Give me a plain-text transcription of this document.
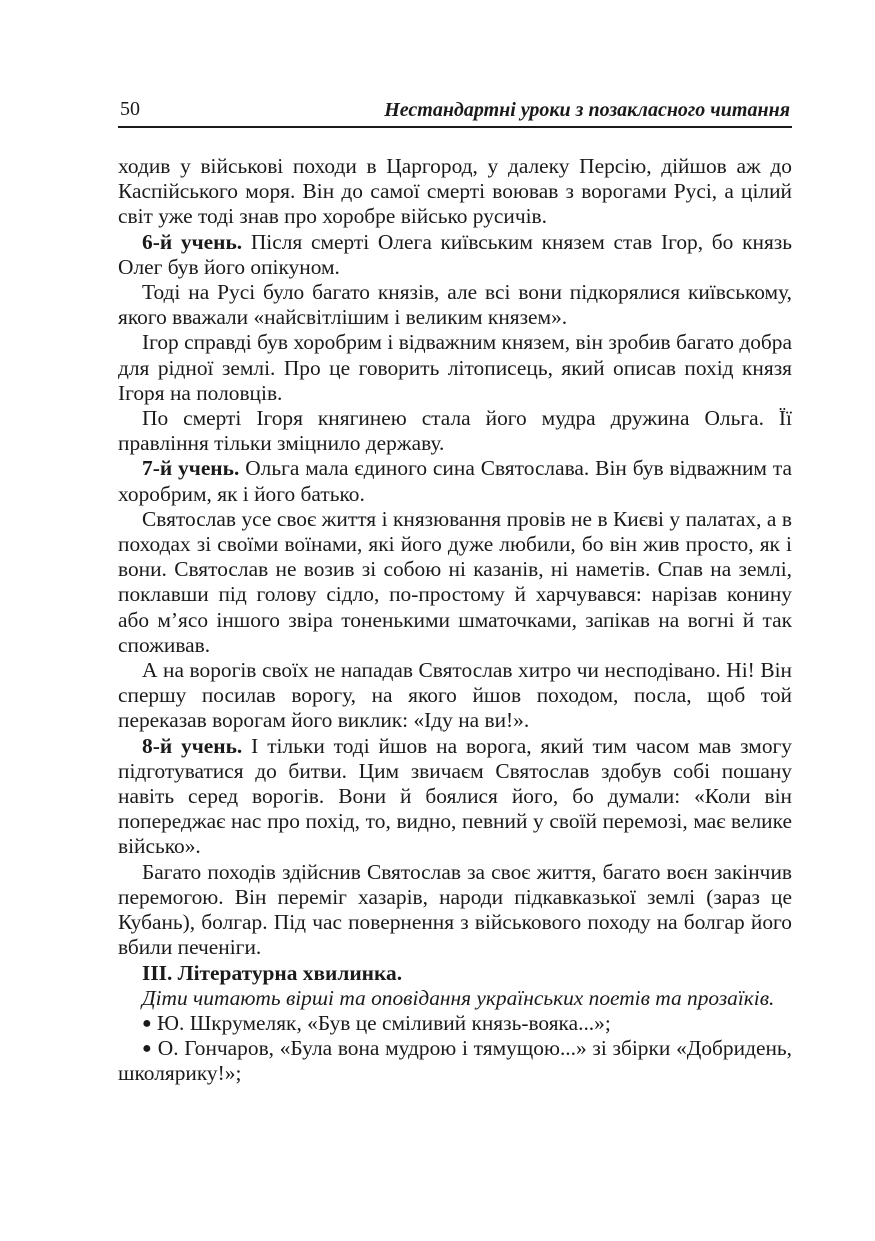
50	Нестандартні уроки з позакласного читання

ходив у військові походи в Царгород, у далеку Персію, дійшов аж до Каспійського моря. Він до самої смерті воював з ворогами Русі, а цілий світ уже тоді знав про хоробре військо русичів.

6-й учень. Після смерті Олега київським князем став Ігор, бо князь Олег був його опікуном.

Тоді на Русі було багато князів, але всі вони підкорялися київському, якого вважали «найсвітлішим і великим князем».

Ігор справді був хоробрим і відважним князем, він зробив багато добра для рідної землі. Про це говорить літописець, який описав похід князя Ігоря на половців.

По смерті Ігоря княгинею стала його мудра дружина Ольга. Її правління тільки зміцнило державу.

7-й учень. Ольга мала єдиного сина Святослава. Він був відважним та хоробрим, як і його батько.

Святослав усе своє життя і князювання провів не в Києві у палатах, а в походах зі своїми воїнами, які його дуже любили, бо він жив просто, як і вони. Святослав не возив зі собою ні казанів, ні наметів. Спав на землі, поклавши під голову сідло, по-простому й харчувався: нарізав конину або м’ясо іншого звіра тоненькими шматочками, запікав на вогні й так споживав.

А на ворогів своїх не нападав Святослав хитро чи несподівано. Ні! Він спершу посилав ворогу, на якого йшов походом, посла, щоб той переказав ворогам його виклик: «Іду на ви!».

8-й учень. І тільки тоді йшов на ворога, який тим часом мав змогу підготуватися до битви. Цим звичаєм Святослав здобув собі пошану навіть серед ворогів. Вони й боялися його, бо думали: «Коли він попереджає нас про похід, то, видно, певний у своїй перемозі, має велике військо».

Багато походів здійснив Святослав за своє життя, багато воєн закінчив перемогою. Він переміг хазарів, народи підкавказької землі (зараз це Кубань), болгар. Під час повернення з військового походу на болгар його вбили печеніги.

ІІІ. Літературна хвилинка.

Діти читають вірші та оповідання українських поетів та прозаїків.

● Ю. Шкрумеляк, «Був це сміливий князь-вояка...»;

● О. Гончаров, «Була вона мудрою і тямущою...» зі збірки «Добридень, школярику!»;
